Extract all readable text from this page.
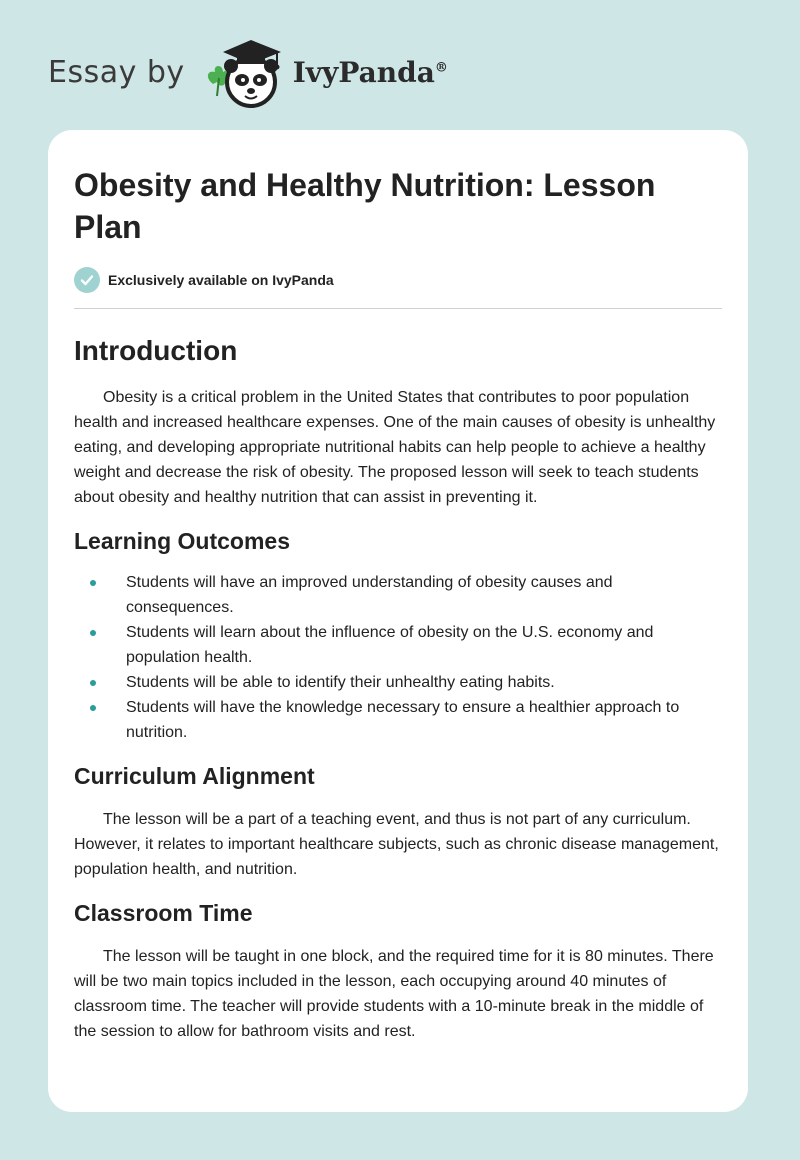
Essay by	IvyPanda®
Obesity and Healthy Nutrition: Lesson Plan
Exclusively available on IvyPanda
Introduction

Obesity is a critical problem in the United States that contributes to poor population health and increased healthcare expenses. One of the main causes of obesity is unhealthy eating, and developing appropriate nutritional habits can help people to achieve a healthy weight and decrease the risk of obesity. The proposed lesson will seek to teach students about obesity and healthy nutrition that can assist in preventing it.

Learning Outcomes
Students will have an improved understanding of obesity causes and consequences.
Students will learn about the influence of obesity on the U.S. economy and population health.
Students will be able to identify their unhealthy eating habits.
Students will have the knowledge necessary to ensure a healthier approach to nutrition.
Curriculum Alignment

The lesson will be a part of a teaching event, and thus is not part of any curriculum. However, it relates to important healthcare subjects, such as chronic disease management, population health, and nutrition.

Classroom Time

The lesson will be taught in one block, and the required time for it is 80 minutes. There will be two main topics included in the lesson, each occupying around 40 minutes of classroom time. The teacher will provide students with a 10-minute break in the middle of the session to allow for bathroom visits and rest.
